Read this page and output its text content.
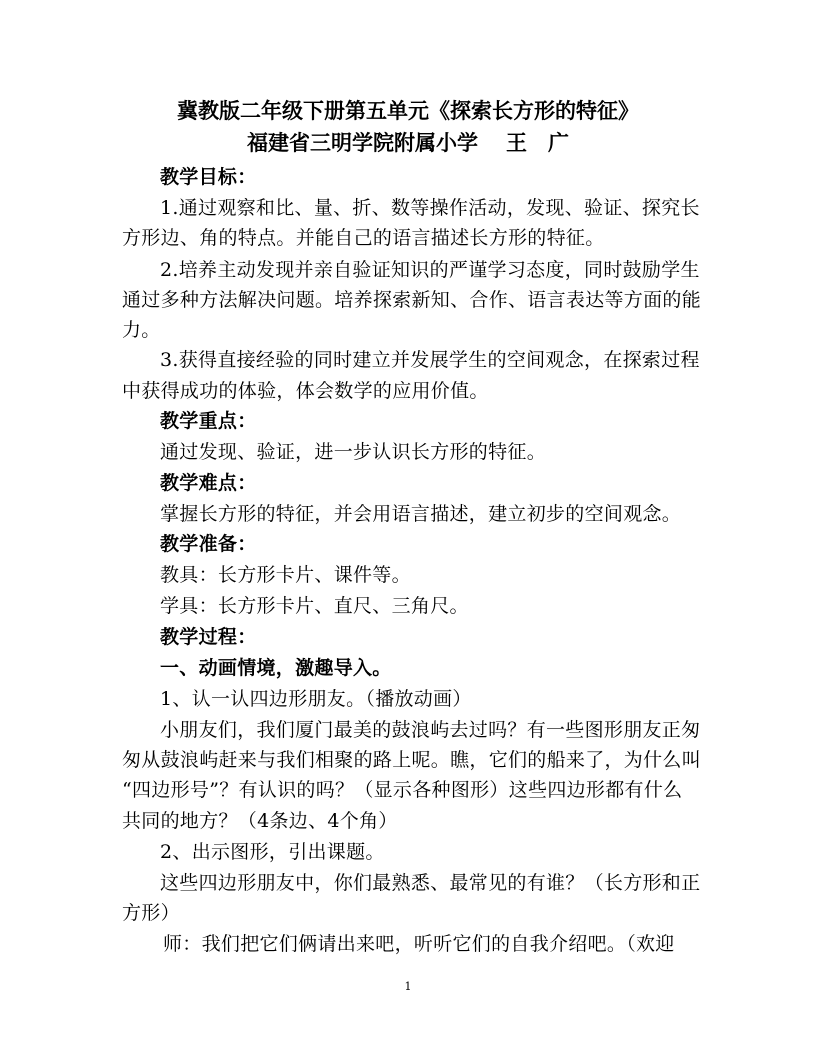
冀教版二年级下册第五单元《探索长方形的特征》
福建省三明学院附属小学 王　广
教学目标：
1.通过观察和比、量、折、数等操作活动，发现、验证、探究长
方形边、角的特点。并能自己的语言描述长方形的特征。
2.培养主动发现并亲自验证知识的严谨学习态度，同时鼓励学生
通过多种方法解决问题。培养探索新知、合作、语言表达等方面的能
力。
3.获得直接经验的同时建立并发展学生的空间观念，在探索过程
中获得成功的体验，体会数学的应用价值。
教学重点：
通过发现、验证，进一步认识长方形的特征。
教学难点：
掌握长方形的特征，并会用语言描述，建立初步的空间观念。
教学准备：
教具：长方形卡片、课件等。
学具：长方形卡片、直尺、三角尺。
教学过程：
一、动画情境，激趣导入。
1、认一认四边形朋友。（播放动画）
小朋友们，我们厦门最美的鼓浪屿去过吗？有一些图形朋友正匆
匆从鼓浪屿赶来与我们相聚的路上呢。瞧，它们的船来了，为什么叫
“四边形号”？有认识的吗？（显示各种图形）这些四边形都有什么
共同的地方？（4条边、4个角）
2、出示图形，引出课题。
这些四边形朋友中，你们最熟悉、最常见的有谁？（长方形和正
方形）
师：我们把它们俩请出来吧，听听它们的自我介绍吧。（欢迎
1
